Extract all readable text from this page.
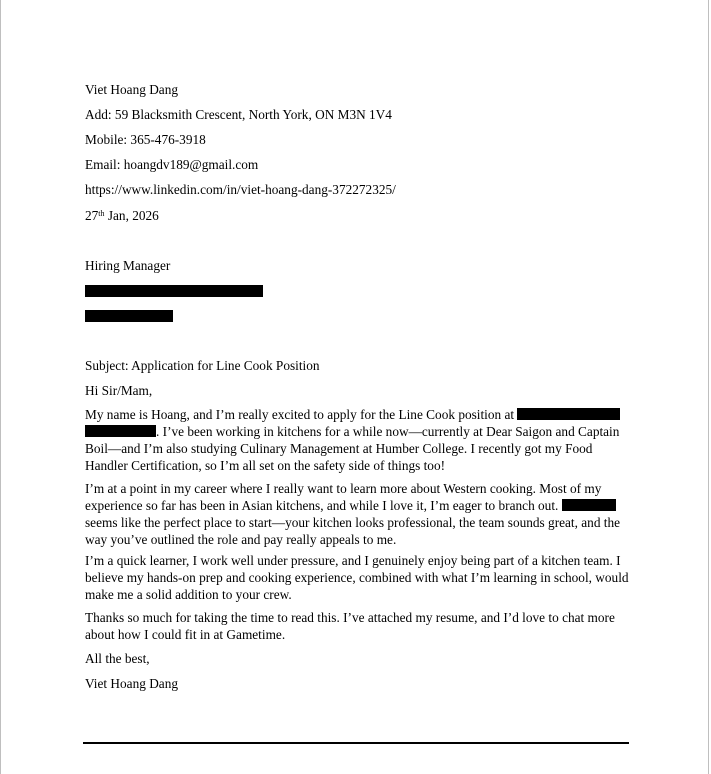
Viet Hoang Dang
Add: 59 Blacksmith Crescent, North York, ON M3N 1V4
Mobile: 365-476-3918
Email: hoangdv189@gmail.com
https://www.linkedin.com/in/viet-hoang-dang-372272325/
27th Jan, 2026
Hiring Manager
Subject: Application for Line Cook Position
Hi Sir/Mam,
My name is Hoang, and I’m really excited to apply for the Line Cook position at
. I’ve been working in kitchens for a while now—currently at Dear Saigon and Captain Boil—and I’m also studying Culinary Management at Humber College. I recently got my Food Handler Certification, so I’m all set on the safety side of things too!
I’m at a point in my career where I really want to learn more about Western cooking. Most of my experience so far has been in Asian kitchens, and while I love it, I’m eager to branch out.  seems like the perfect place to start—your kitchen looks professional, the team sounds great, and the way you’ve outlined the role and pay really appeals to me.
I’m a quick learner, I work well under pressure, and I genuinely enjoy being part of a kitchen team. I believe my hands-on prep and cooking experience, combined with what I’m learning in school, would make me a solid addition to your crew.
Thanks so much for taking the time to read this. I’ve attached my resume, and I’d love to chat more about how I could fit in at Gametime.
All the best,
Viet Hoang Dang
